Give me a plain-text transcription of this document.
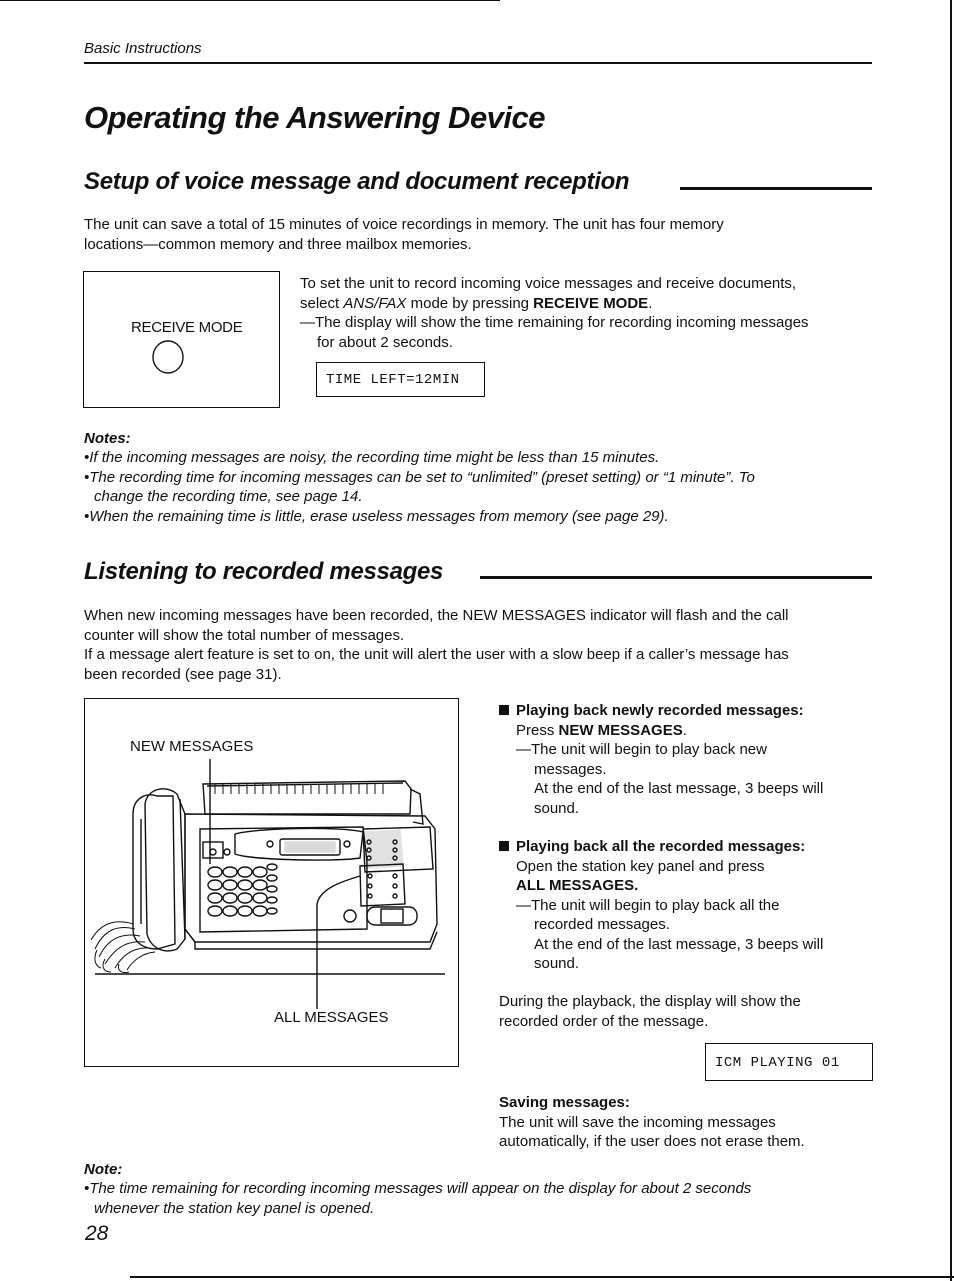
Basic Instructions
Operating the Answering Device
Setup of voice message and document reception
The unit can save a total of 15 minutes of voice recordings in memory. The unit has four memory
locations—common memory and three mailbox memories.
RECEIVE MODE
To set the unit to record incoming voice messages and receive documents,
select ANS/FAX mode by pressing RECEIVE MODE.
—The display will show the time remaining for recording incoming messages
for about 2 seconds.
TIME LEFT=12MIN
Notes:
•If the incoming messages are noisy, the recording time might be less than 15 minutes.
•The recording time for incoming messages can be set to “unlimited” (preset setting) or “1 minute”. To
change the recording time, see page 14.
•When the remaining time is little, erase useless messages from memory (see page 29).
Listening to recorded messages
When new incoming messages have been recorded, the NEW MESSAGES indicator will flash and the call
counter will show the total number of messages.
If a message alert feature is set to on, the unit will alert the user with a slow beep if a caller’s message has
been recorded (see page 31).
NEW MESSAGES
ALL MESSAGES
Playing back newly recorded messages:
Press NEW MESSAGES.
—The unit will begin to play back new
messages.
At the end of the last message, 3 beeps will
sound.
Playing back all the recorded messages:
Open the station key panel and press
ALL MESSAGES.
—The unit will begin to play back all the
recorded messages.
At the end of the last message, 3 beeps will
sound.
During the playback, the display will show the
recorded order of the message.
ICM PLAYING 01
Saving messages:
The unit will save the incoming messages
automatically, if the user does not erase them.
Note:
•The time remaining for recording incoming messages will appear on the display for about 2 seconds
whenever the station key panel is opened.
28
